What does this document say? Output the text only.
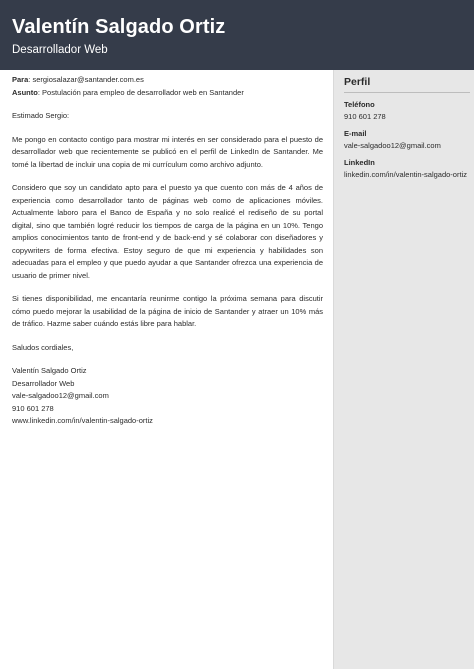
Valentín Salgado Ortiz
Desarrollador Web
Para: sergiosalazar@santander.com.es
Asunto: Postulación para empleo de desarrollador web en Santander

Estimado Sergio:

Me pongo en contacto contigo para mostrar mi interés en ser considerado para el puesto de desarrollador web que recientemente se publicó en el perfil de LinkedIn de Santander. Me tomé la libertad de incluir una copia de mi currículum como archivo adjunto.

Considero que soy un candidato apto para el puesto ya que cuento con más de 4 años de experiencia como desarrollador tanto de páginas web como de aplicaciones móviles. Actualmente laboro para el Banco de España y no solo realicé el rediseño de su portal digital, sino que también logré reducir los tiempos de carga de la página en un 10%. Tengo amplios conocimientos tanto de front-end y de back-end y sé colaborar con diseñadores y copywriters de forma efectiva. Estoy seguro de que mi experiencia y habilidades son adecuadas para el empleo y que puedo ayudar a que Santander ofrezca una experiencia de usuario de primer nivel.

Si tienes disponibilidad, me encantaría reunirme contigo la próxima semana para discutir cómo puedo mejorar la usabilidad de la página de inicio de Santander y atraer un 10% más de tráfico. Hazme saber cuándo estás libre para hablar.

Saludos cordiales,

Valentín Salgado Ortiz

Desarrollador Web

vale-salgadoo12@gmail.com

910 601 278

www.linkedin.com/in/valentin-salgado-ortiz

Perfil
Teléfono
910 601 278
E-mail
vale-salgadoo12@gmail.com
LinkedIn
linkedin.com/in/valentin-salgado-ortiz
